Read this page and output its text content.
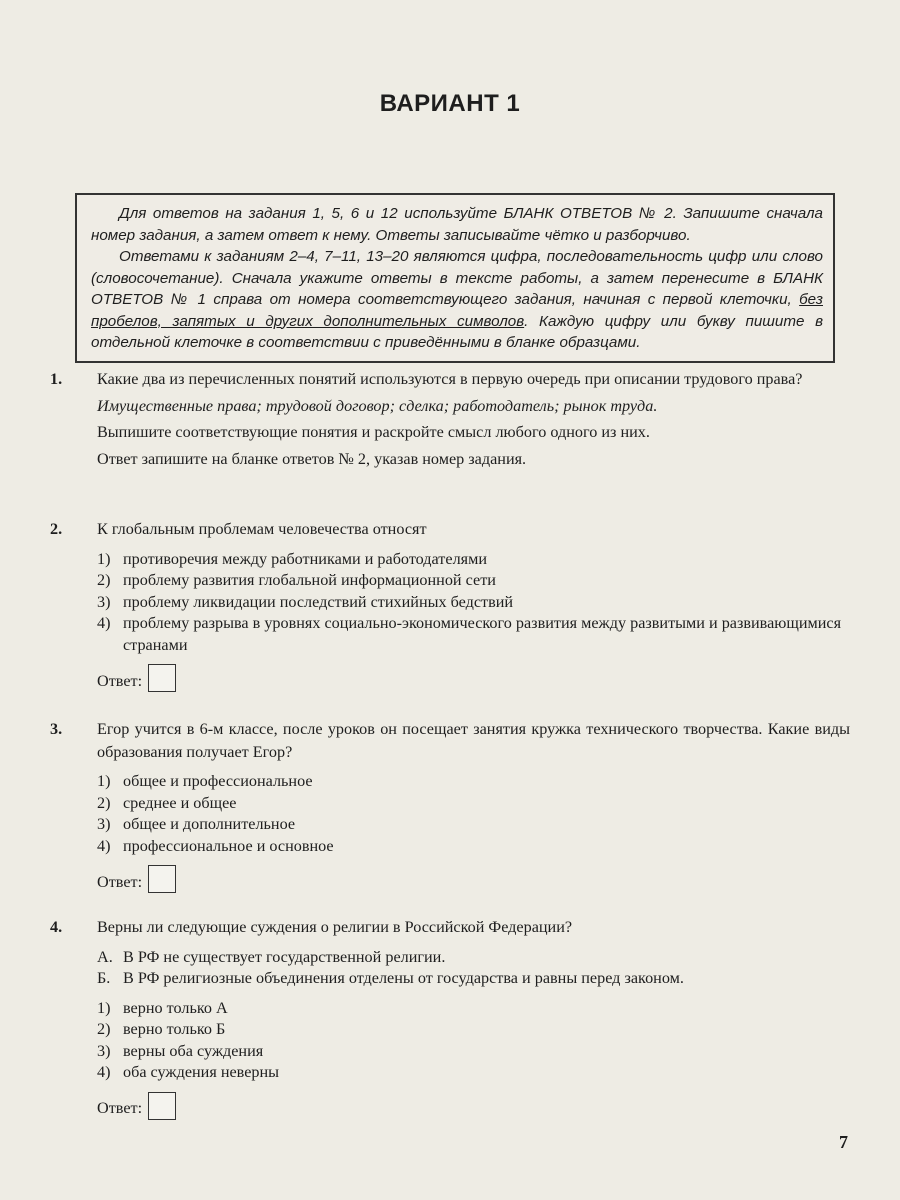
ВАРИАНТ 1

Для ответов на задания 1, 5, 6 и 12 используйте БЛАНК ОТВЕТОВ № 2. Запишите сначала номер задания, а затем ответ к нему. Ответы записывайте чётко и разборчиво.

Ответами к заданиям 2–4, 7–11, 13–20 являются цифра, последовательность цифр или слово (словосочетание). Сначала укажите ответы в тексте работы, а затем перенесите в БЛАНК ОТВЕТОВ № 1 справа от номера соответствующего задания, начиная с первой клеточки, без пробелов, запятых и других дополнительных символов. Каждую цифру или букву пишите в отдельной клеточке в соответствии с приведёнными в бланке образцами.

1.	Какие два из перечисленных понятий используются в первую очередь при описании трудового права?

Имущественные права; трудовой договор; сделка; работодатель; рынок труда.

Выпишите соответствующие понятия и раскройте смысл любого одного из них.

Ответ запишите на бланке ответов № 2, указав номер задания.

2.	К глобальным проблемам человечества относят

1) противоречия между работниками и работодателями
2) проблему развития глобальной информационной сети
3) проблему ликвидации последствий стихийных бедствий
4) проблему разрыва в уровнях социально-экономического развития между развитыми и развивающимися странами
Ответ:
3.	Егор учится в 6-м классе, после уроков он посещает занятия кружка технического творчества. Какие виды образования получает Егор?

1) общее и профессиональное
2) среднее и общее
3) общее и дополнительное
4) профессиональное и основное
Ответ:
4.	Верны ли следующие суждения о религии в Российской Федерации?

А. В РФ не существует государственной религии.
Б. В РФ религиозные объединения отделены от государства и равны перед законом.
1) верно только А
2) верно только Б
3) верны оба суждения
4) оба суждения неверны
Ответ:
7
